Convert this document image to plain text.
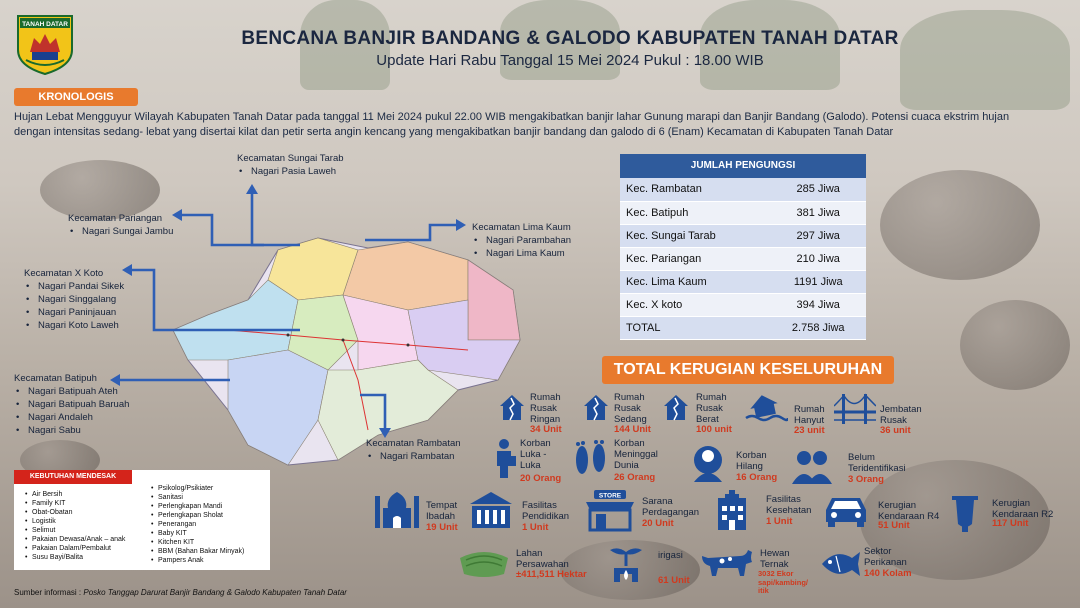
TANAH DATAR
BENCANA BANJIR BANDANG & GALODO KABUPATEN TANAH DATAR
Update Hari Rabu Tanggal 15 Mei 2024 Pukul : 18.00 WIB
KRONOLOGIS
Hujan Lebat Mengguyur Wilayah Kabupaten Tanah Datar pada tanggal 11 Mei 2024 pukul 22.00 WIB mengakibatkan banjir lahar Gunung marapi dan Banjir Bandang (Galodo). Potensi cuaca ekstrim hujan
dengan intensitas sedang- lebat yang disertai kilat dan petir serta angin kencang yang mengakibatkan banjir bandang dan galodo di 6 (Enam) Kecamatan di Kabupaten Tanah Datar
Kecamatan Sungai Tarab
• Nagari Pasia Laweh
Kecamatan Pariangan
• Nagari Sungai Jambu
Kecamatan X Koto
• Nagari Pandai Sikek
• Nagari Singgalang
• Nagari Paninjauan
• Nagari Koto Laweh
Kecamatan Batipuh
• Nagari Batipuah Ateh
• Nagari Batipuah Baruah
• Nagari Andaleh
• Nagari Sabu
Kecamatan Lima Kaum
• Nagari Parambahan
• Nagari Lima Kaum
Kecamatan Rambatan
• Nagari Rambatan
JUMLAH PENGUNGSI
Kec. Rambatan	285 Jiwa
Kec. Batipuh	381 Jiwa
Kec. Sungai Tarab	297 Jiwa
Kec. Pariangan	210 Jiwa
Kec. Lima Kaum	1191 Jiwa
Kec. X koto	394 Jiwa
TOTAL	2.758 Jiwa
TOTAL KERUGIAN KESELURUHAN
Rumah
Rusak
Ringan
34 Unit
Rumah
Rusak
Sedang
144 Unit
Rumah
Rusak
Berat
100 unit
Rumah
Hanyut
23 unit
Jembatan
Rusak
36 unit
Korban
Luka -
Luka
20 Orang
Korban
Meninggal
Dunia
26 Orang
Korban
Hilang
16 Orang
Belum
Teridentifikasi
3 Orang
Tempat
Ibadah
19 Unit
Fasilitas
Pendidikan
1 Unit
STORE Sarana
Perdagangan
20 Unit
Fasilitas
Kesehatan
1 Unit
Kerugian
Kendaraan R4
51 Unit
Kerugian
Kendaraan R2
117 Unit
Lahan
Persawahan
±411,511 Hektar
irigasi
61 Unit
Hewan
Ternak
3032 Ekor
sapi/kambing/
itik
Sektor
Perikanan
140 Kolam
KEBUTUHAN MENDESAK
• Air Bersih
• Family KIT
• Obat-Obatan
• Logistik
• Selimut
• Pakaian Dewasa/Anak – anak
• Pakaian Dalam/Pembalut
• Susu Bayi/Balita
• Psikolog/Psikiater
• Sanitasi
• Perlengkapan Mandi
• Perlengkapan Sholat
• Penerangan
• Baby KIT
• Kitchen KIT
• BBM (Bahan Bakar Minyak)
• Pampers Anak
Sumber informasi : Posko Tanggap Darurat Banjir Bandang & Galodo Kabupaten Tanah Datar
